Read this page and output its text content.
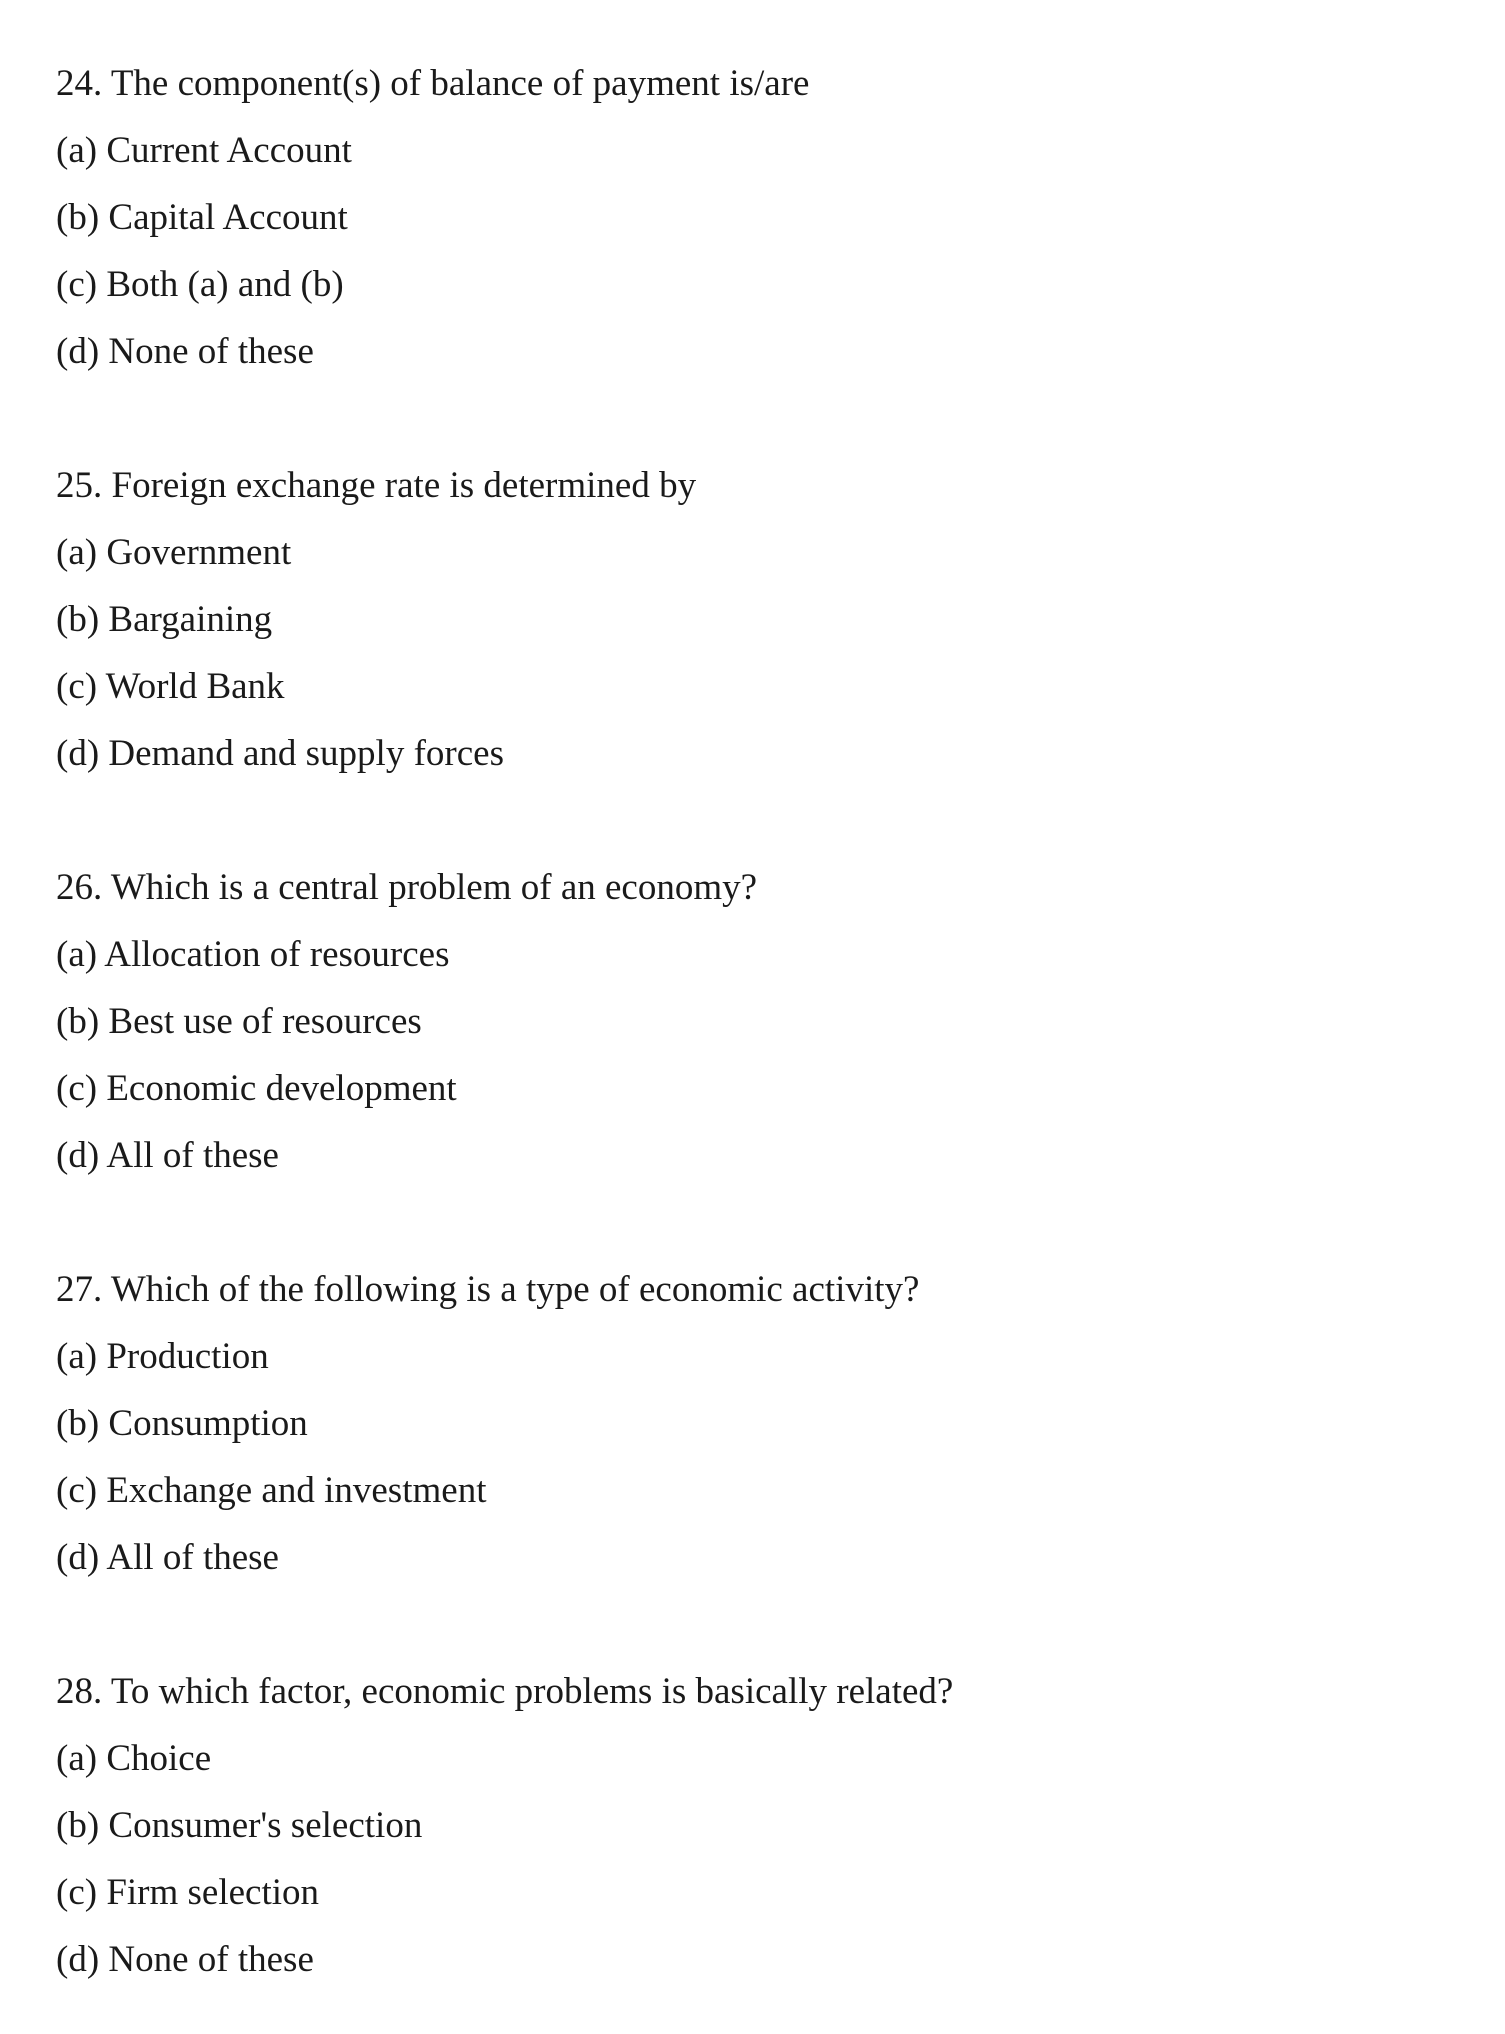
24. The component(s) of balance of payment is/are

(a) Current Account

(b) Capital Account

(c) Both (a) and (b)

(d) None of these

25. Foreign exchange rate is determined by

(a) Government

(b) Bargaining

(c) World Bank

(d) Demand and supply forces

26. Which is a central problem of an economy?

(a) Allocation of resources

(b) Best use of resources

(c) Economic development

(d) All of these

27. Which of the following is a type of economic activity?

(a) Production

(b) Consumption

(c) Exchange and investment

(d) All of these

28. To which factor, economic problems is basically related?

(a) Choice

(b) Consumer's selection

(c) Firm selection

(d) None of these
